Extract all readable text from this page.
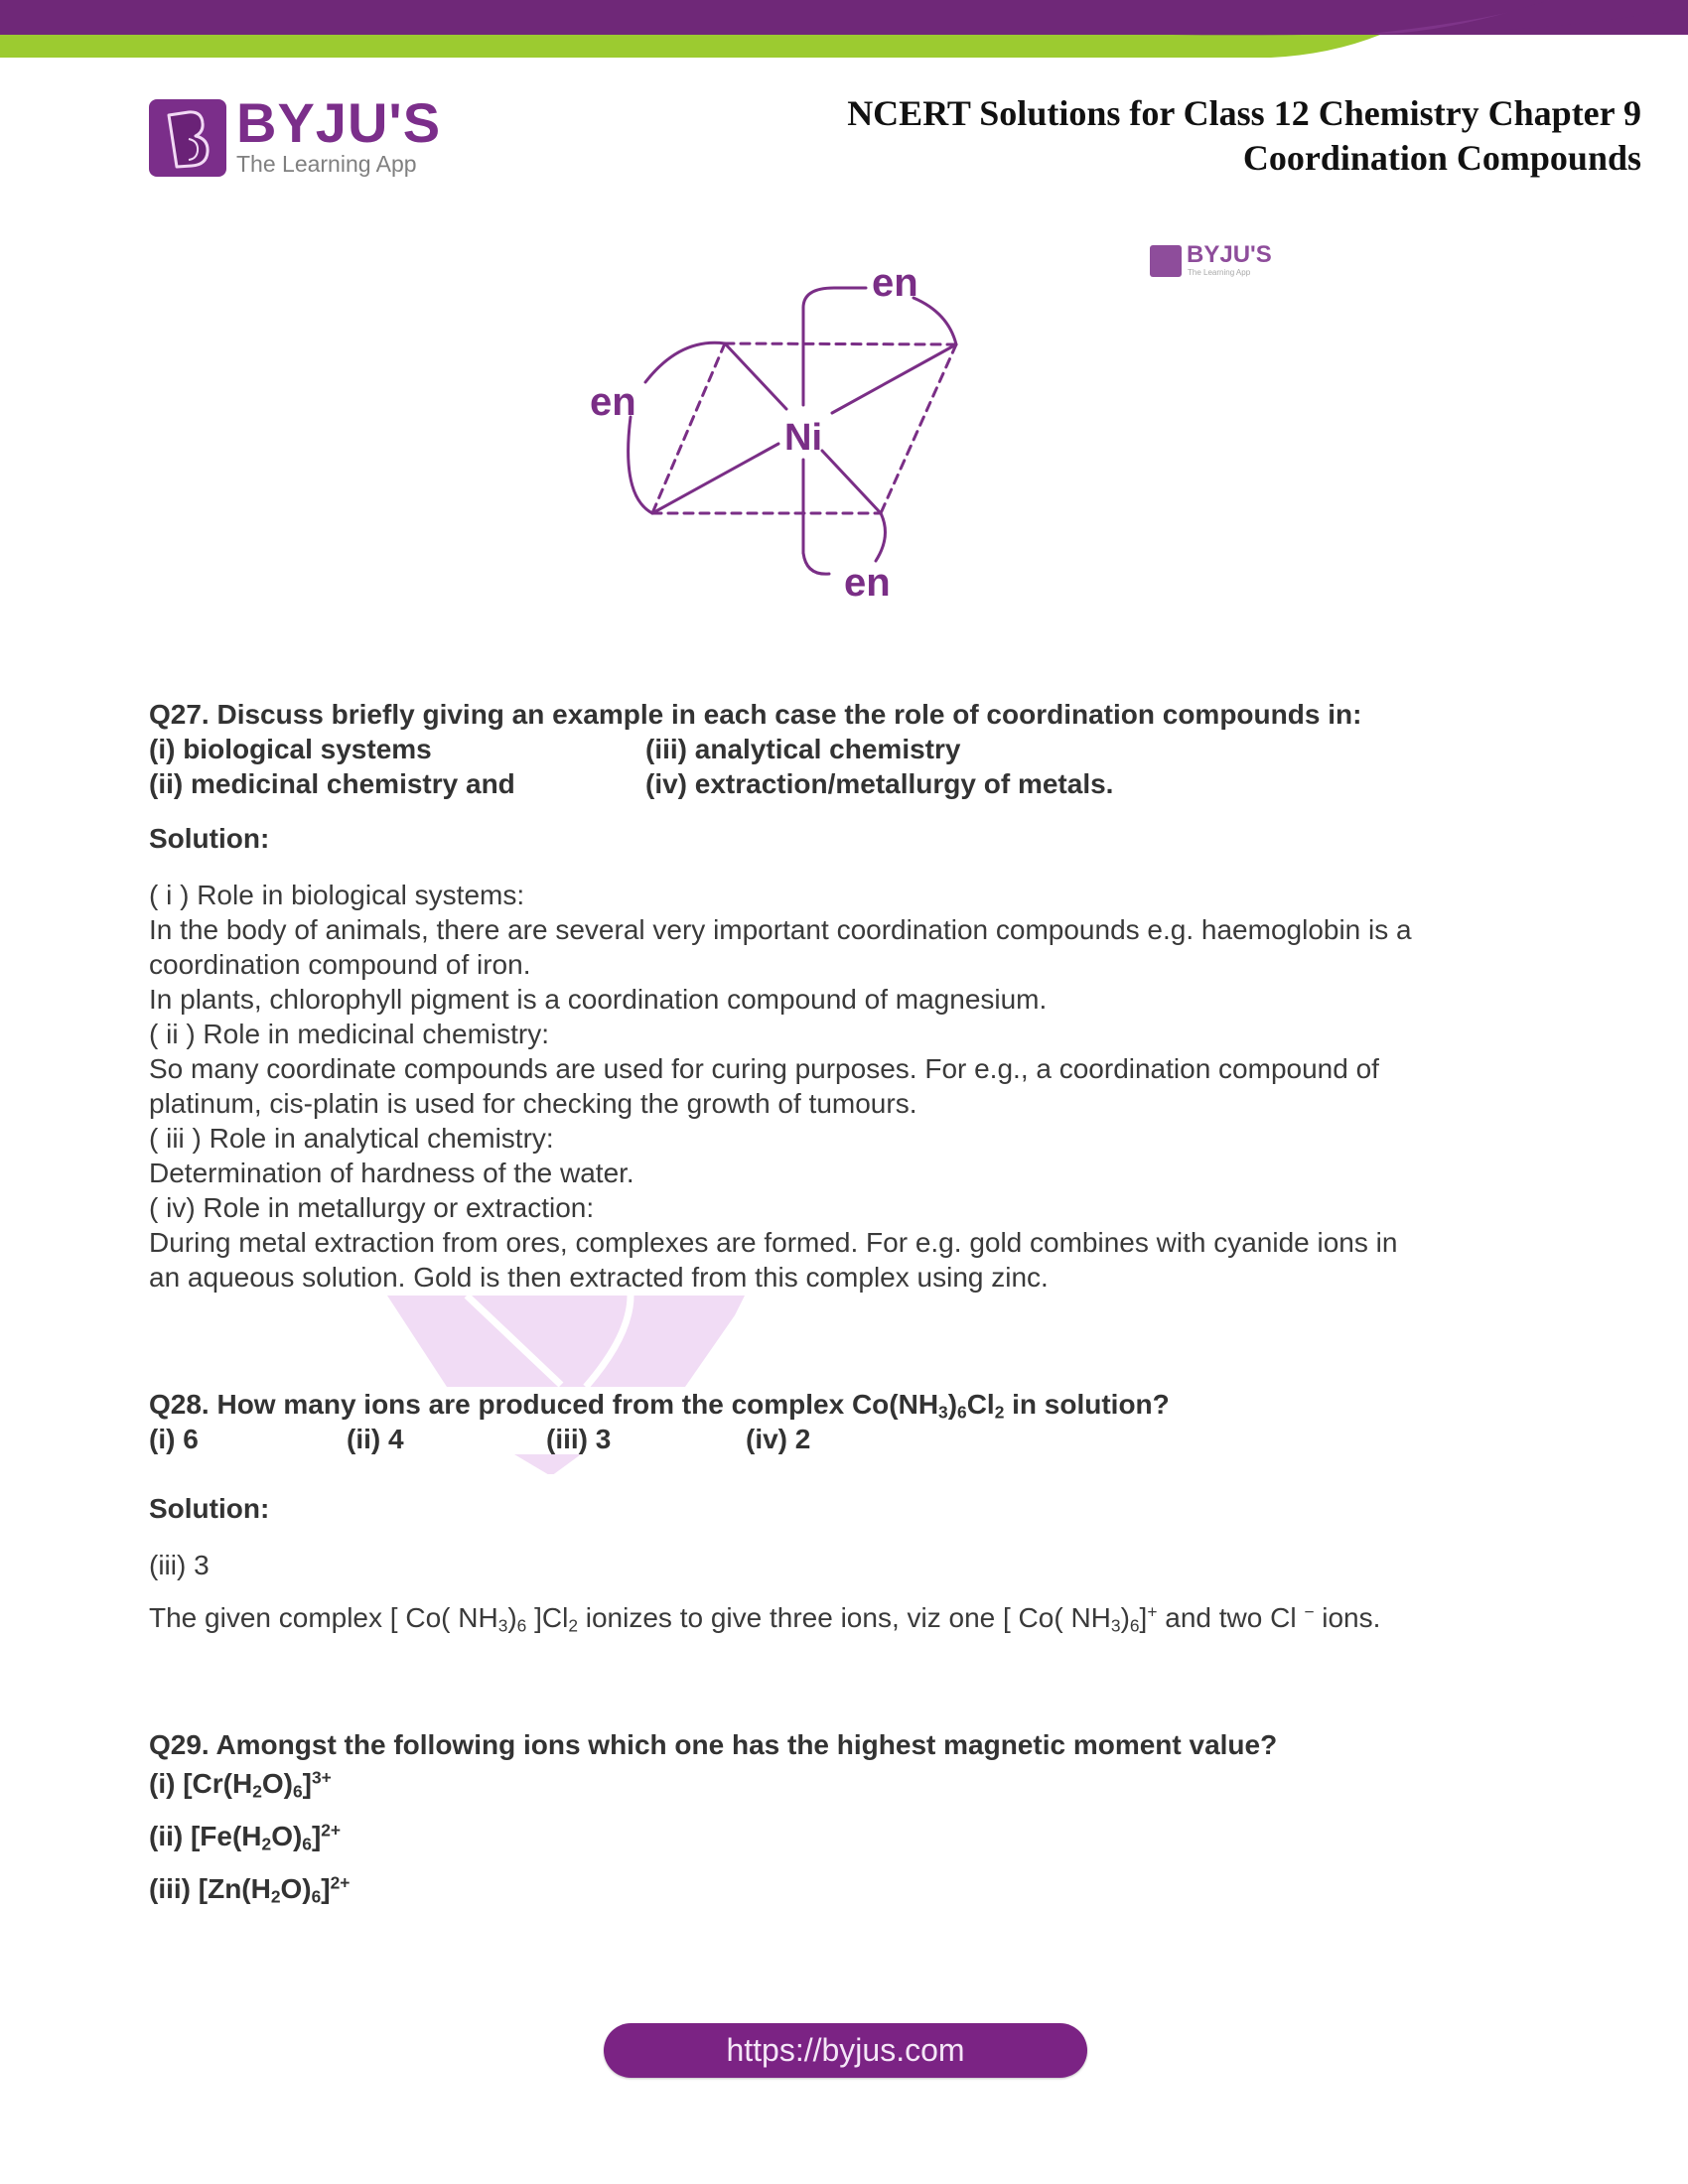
BYJU'S
The Learning App
NCERT Solutions for Class 12 Chemistry Chapter 9
Coordination Compounds
en
en
en
Ni
BYJU'S
The Learning App
Q27. Discuss briefly giving an example in each case the role of coordination compounds in:
(i) biological systems
(ii) medicinal chemistry and
(iii) analytical chemistry
(iv) extraction/metallurgy of metals.
Solution:
( i ) Role in biological systems:
In the body of animals, there are several very important coordination compounds e.g. haemoglobin is a
coordination compound of iron.
In plants, chlorophyll pigment is a coordination compound of magnesium.
( ii ) Role in medicinal chemistry:
So many coordinate compounds are used for curing purposes. For e.g., a coordination compound of
platinum, cis-platin is used for checking the growth of tumours.
( iii ) Role in analytical chemistry:
Determination of hardness of the water.
( iv) Role in metallurgy or extraction:
During metal extraction from ores, complexes are formed. For e.g. gold combines with cyanide ions in
an aqueous solution. Gold is then extracted from this complex using zinc.
Q28. How many ions are produced from the complex $Co(NH_3)_6Cl_2$ in solution?
(i) 6	(ii) 4	(iii) 3	(iv) 2
Solution:
(iii) 3
The given complex [ Co( $NH_3)_6$ ]$Cl_2$ ionizes to give three ions, viz one [ Co( $NH_3)_6]^+$ and two Cl − ions.
Q29. Amongst the following ions which one has the highest magnetic moment value?
(i) $[Cr(H_2O)_6]^{3+}$
(ii) $[Fe(H_2O)_6]^{2+}$
(iii) $[Zn(H_2O)_6]^{2+}$
https://byjus.com
